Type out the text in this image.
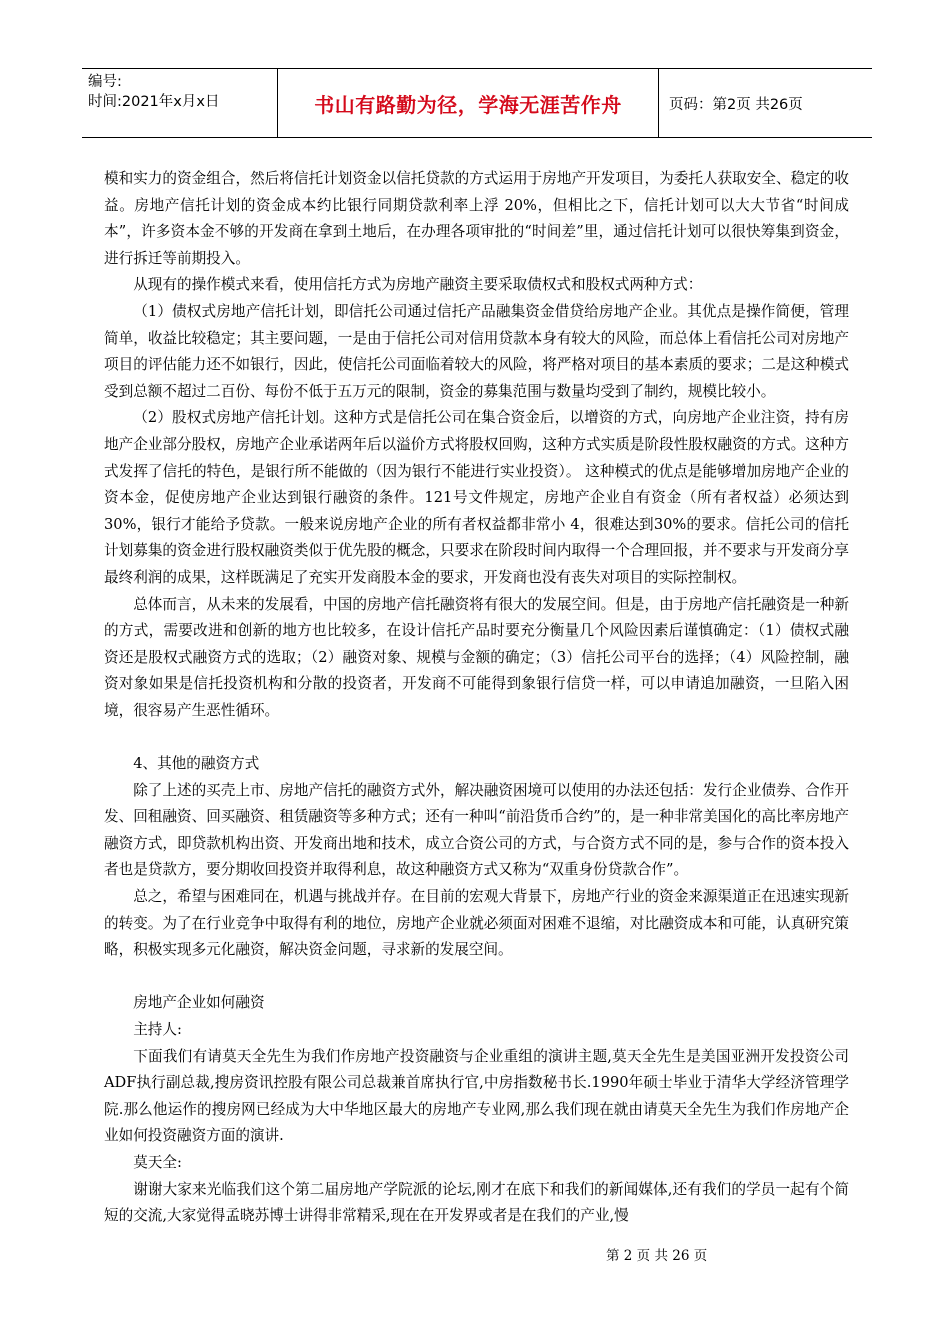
编号:
时间:2021年x月x日	书山有路勤为径，学海无涯苦作舟	页码：第2页 共26页

模和实力的资金组合，然后将信托计划资金以信托贷款的方式运用于房地产开发项目，为委托人获取安全、稳定的收益。房地产信托计划的资金成本约比银行同期贷款利率上浮 20%，但相比之下，信托计划可以大大节省“时间成本”，许多资本金不够的开发商在拿到土地后，在办理各项审批的“时间差”里，通过信托计划可以很快筹集到资金，进行拆迁等前期投入。

从现有的操作模式来看，使用信托方式为房地产融资主要采取债权式和股权式两种方式：

（1）债权式房地产信托计划，即信托公司通过信托产品融集资金借贷给房地产企业。其优点是操作简便，管理简单，收益比较稳定；其主要问题，一是由于信托公司对信用贷款本身有较大的风险，而总体上看信托公司对房地产项目的评估能力还不如银行，因此，使信托公司面临着较大的风险，将严格对项目的基本素质的要求；二是这种模式受到总额不超过二百份、每份不低于五万元的限制，资金的募集范围与数量均受到了制约，规模比较小。

（2）股权式房地产信托计划。这种方式是信托公司在集合资金后，以增资的方式，向房地产企业注资，持有房地产企业部分股权，房地产企业承诺两年后以溢价方式将股权回购，这种方式实质是阶段性股权融资的方式。这种方式发挥了信托的特色，是银行所不能做的（因为银行不能进行实业投资）。 这种模式的优点是能够增加房地产企业的资本金，促使房地产企业达到银行融资的条件。121号文件规定，房地产企业自有资金（所有者权益）必须达到 30%，银行才能给予贷款。一般来说房地产企业的所有者权益都非常小 4，很难达到30%的要求。信托公司的信托计划募集的资金进行股权融资类似于优先股的概念，只要求在阶段时间内取得一个合理回报，并不要求与开发商分享最终利润的成果，这样既满足了充实开发商股本金的要求，开发商也没有丧失对项目的实际控制权。

总体而言，从未来的发展看，中国的房地产信托融资将有很大的发展空间。但是，由于房地产信托融资是一种新的方式，需要改进和创新的地方也比较多，在设计信托产品时要充分衡量几个风险因素后谨慎确定：（1）债权式融资还是股权式融资方式的选取；（2）融资对象、规模与金额的确定；（3）信托公司平台的选择；（4）风险控制，融资对象如果是信托投资机构和分散的投资者，开发商不可能得到象银行信贷一样，可以申请追加融资，一旦陷入困境，很容易产生恶性循环。

4、其他的融资方式

除了上述的买壳上市、房地产信托的融资方式外，解决融资困境可以使用的办法还包括：发行企业债券、合作开发、回租融资、回买融资、租赁融资等多种方式；还有一种叫“前沿货币合约”的，是一种非常美国化的高比率房地产融资方式，即贷款机构出资、开发商出地和技术，成立合资公司的方式，与合资方式不同的是，参与合作的资本投入者也是贷款方，要分期收回投资并取得利息，故这种融资方式又称为“双重身份贷款合作”。

总之，希望与困难同在，机遇与挑战并存。在目前的宏观大背景下，房地产行业的资金来源渠道正在迅速实现新的转变。为了在行业竞争中取得有利的地位，房地产企业就必须面对困难不退缩，对比融资成本和可能，认真研究策略，积极实现多元化融资，解决资金问题，寻求新的发展空间。

房地产企业如何融资

主持人:

下面我们有请莫天全先生为我们作房地产投资融资与企业重组的演讲主题,莫天全先生是美国亚洲开发投资公司ADF执行副总裁,搜房资讯控股有限公司总裁兼首席执行官,中房指数秘书长.1990年硕士毕业于清华大学经济管理学院.那么他运作的搜房网已经成为大中华地区最大的房地产专业网,那么我们现在就由请莫天全先生为我们作房地产企业如何投资融资方面的演讲.

莫天全:

谢谢大家来光临我们这个第二届房地产学院派的论坛,刚才在底下和我们的新闻媒体,还有我们的学员一起有个简短的交流,大家觉得孟晓苏博士讲得非常精采,现在在开发界或者是在我们的产业,慢

第 2 页 共 26 页
